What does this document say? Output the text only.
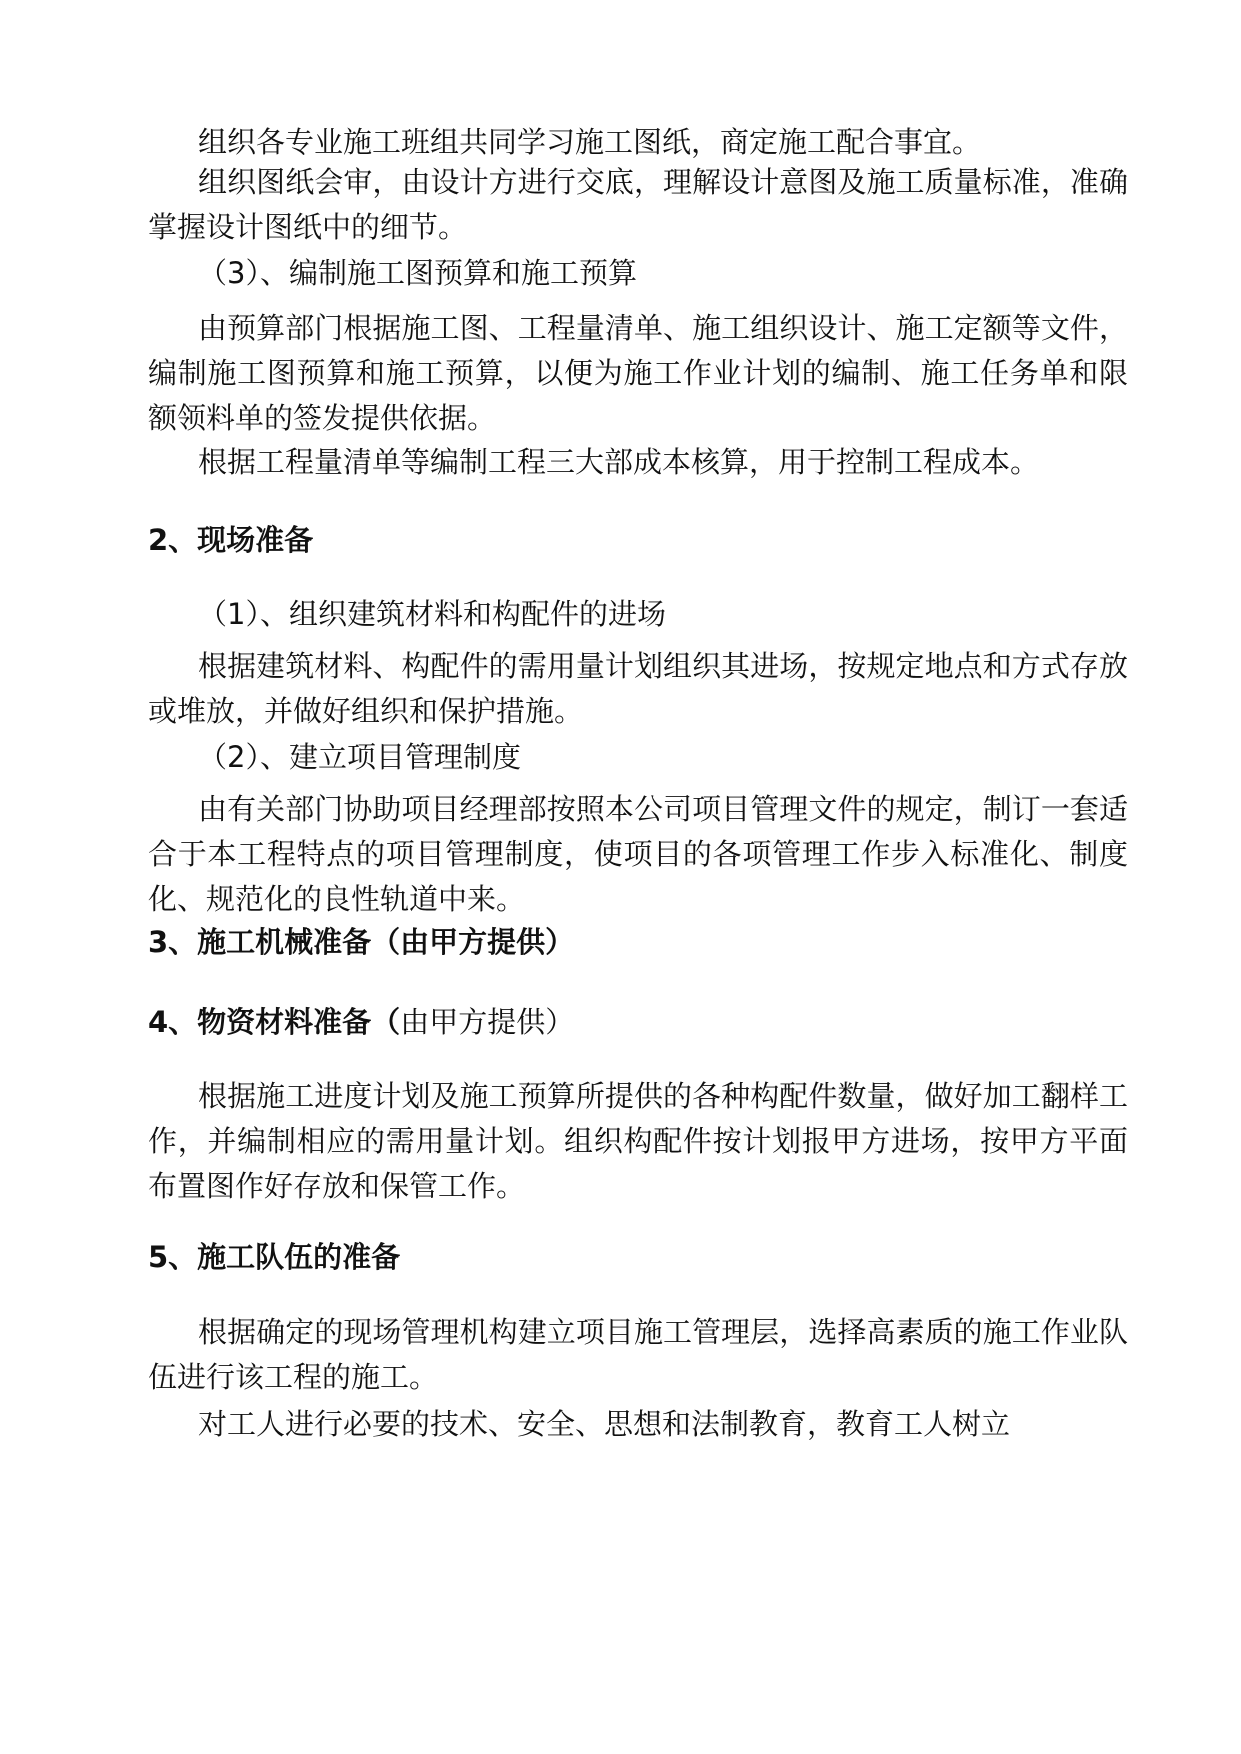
组织各专业施工班组共同学习施工图纸，商定施工配合事宜。

组织图纸会审，由设计方进行交底，理解设计意图及施工质量标准，准确掌握设计图纸中的细节。

（3）、编制施工图预算和施工预算

由预算部门根据施工图、工程量清单、施工组织设计、施工定额等文件，编制施工图预算和施工预算，以便为施工作业计划的编制、施工任务单和限额领料单的签发提供依据。

根据工程量清单等编制工程三大部成本核算，用于控制工程成本。

2、现场准备

（1）、组织建筑材料和构配件的进场

根据建筑材料、构配件的需用量计划组织其进场，按规定地点和方式存放或堆放，并做好组织和保护措施。

（2）、建立项目管理制度

由有关部门协助项目经理部按照本公司项目管理文件的规定，制订一套适合于本工程特点的项目管理制度，使项目的各项管理工作步入标准化、制度化、规范化的良性轨道中来。

3、施工机械准备（由甲方提供）
4、物资材料准备（由甲方提供）

根据施工进度计划及施工预算所提供的各种构配件数量，做好加工翻样工作，并编制相应的需用量计划。组织构配件按计划报甲方进场，按甲方平面布置图作好存放和保管工作。

5、施工队伍的准备

根据确定的现场管理机构建立项目施工管理层，选择高素质的施工作业队伍进行该工程的施工。

对工人进行必要的技术、安全、思想和法制教育，教育工人树立
